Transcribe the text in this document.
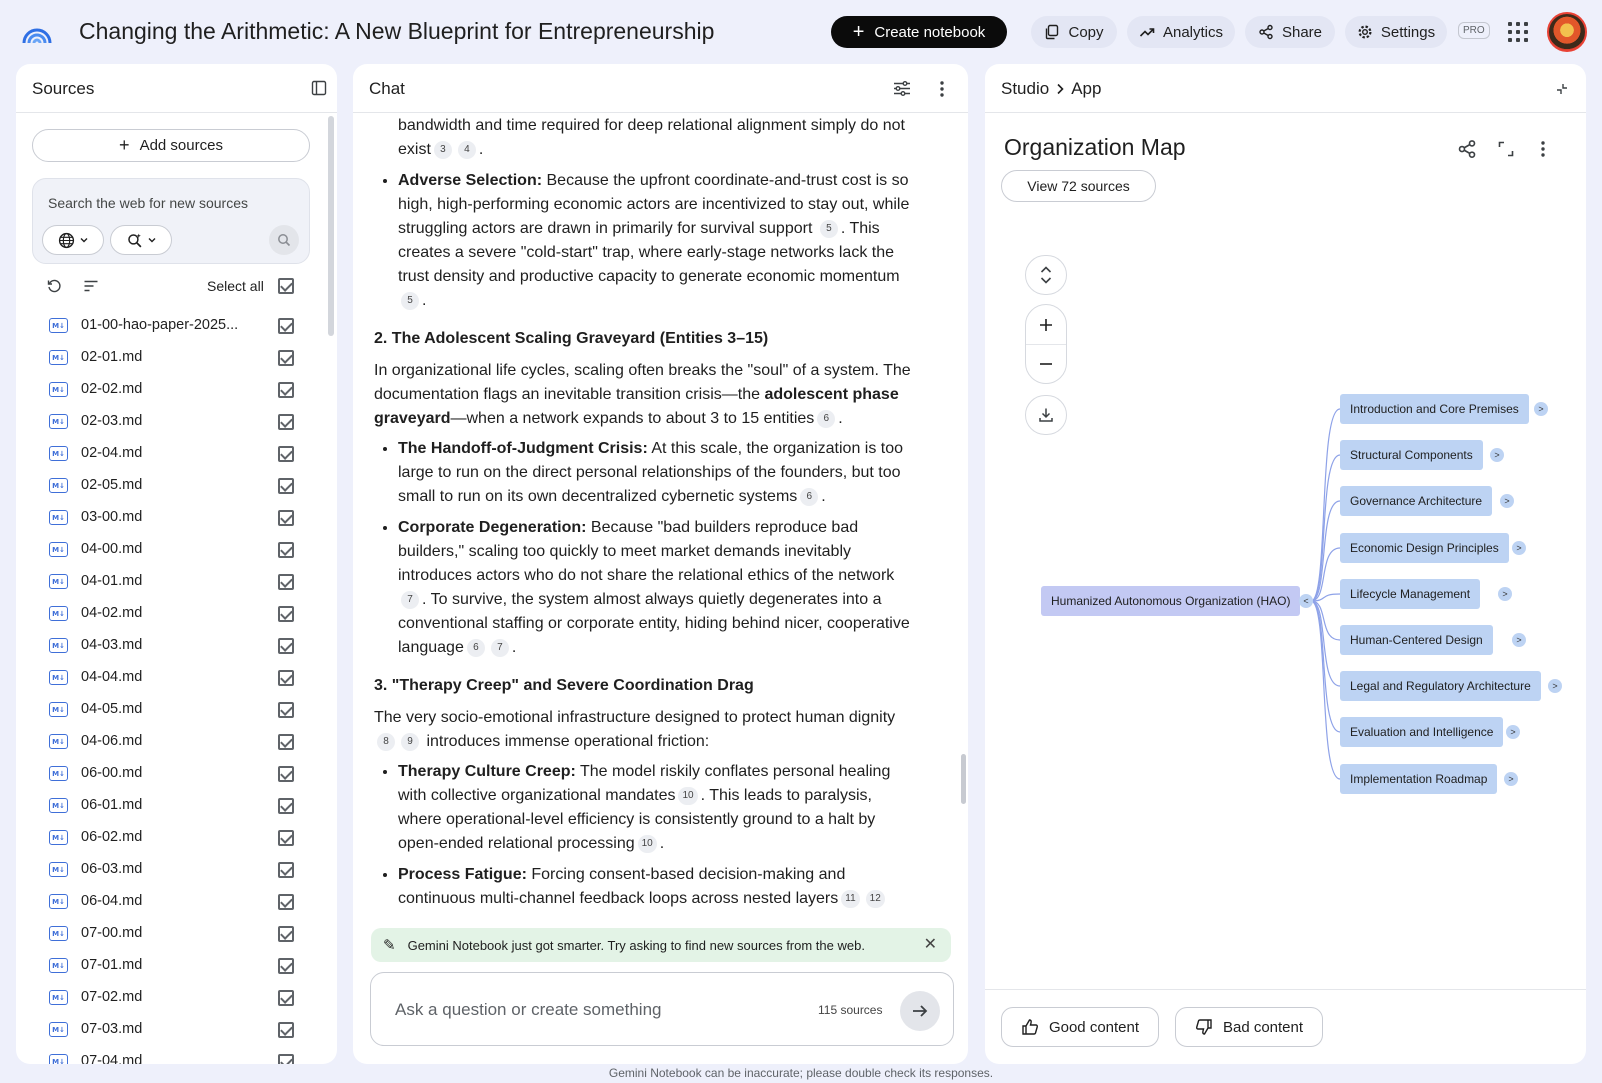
Changing the Arithmetic: A New Blueprint for Entrepreneurship	+ Create notebook	Copy	Analytics	Share	Settings	PRO
Sources
+ Add sources
Search the web for new sources
Select all
M↓ 01-00-hao-paper-2025...
M↓ 02-01.md
M↓ 02-02.md
M↓ 02-03.md
M↓ 02-04.md
M↓ 02-05.md
M↓ 03-00.md
M↓ 04-00.md
M↓ 04-01.md
M↓ 04-02.md
M↓ 04-03.md
M↓ 04-04.md
M↓ 04-05.md
M↓ 04-06.md
M↓ 06-00.md
M↓ 06-01.md
M↓ 06-02.md
M↓ 06-03.md
M↓ 06-04.md
M↓ 07-00.md
M↓ 07-01.md
M↓ 07-02.md
M↓ 07-03.md
M↓ 07-04.md
Chat
bandwidth and time required for deep relational alignment simply do not exist 3 4 .
• Adverse Selection: Because the upfront coordinate-and-trust cost is so high, high-performing economic actors are incentivized to stay out, while struggling actors are drawn in primarily for survival support 5 . This creates a severe "cold-start" trap, where early-stage networks lack the trust density and productive capacity to generate economic momentum5 .
2. The Adolescent Scaling Graveyard (Entities 3–15)

In organizational life cycles, scaling often breaks the "soul" of a system. The documentation flags an inevitable transition crisis—the adolescent phase graveyard—when a network expands to about 3 to 15 entities 6 .

• The Handoff-of-Judgment Crisis: At this scale, the organization is too large to run on the direct personal relationships of the founders, but too small to run on its own decentralized cybernetic systems 6 .
• Corporate Degeneration: Because "bad builders reproduce bad builders," scaling too quickly to meet market demands inevitably introduces actors who do not share the relational ethics of the network7 . To survive, the system almost always quietly degenerates into a conventional staffing or corporate entity, hiding behind nicer, cooperative language 6 7 .
3. "Therapy Creep" and Severe Coordination Drag

The very socio-emotional infrastructure designed to protect human dignity8 9 introduces immense operational friction:

• Therapy Culture Creep: The model riskily conflates personal healing with collective organizational mandates 10 . This leads to paralysis, where operational-level efficiency is consistently ground to a halt by open-ended relational processing 10 .
• Process Fatigue: Forcing consent-based decision-making and continuous multi-channel feedback loops across nested layers 11 12
✎ Gemini Notebook just got smarter. Try asking to find new sources from the web.	✕
Ask a question or create something	115 sources
Studio App
Organization Map
View 72 sources
Humanized Autonomous Organization (HAO)	<
Introduction and Core Premises	>
Structural Components	>
Governance Architecture	>
Economic Design Principles	>
Lifecycle Management	>
Human-Centered Design	>
Legal and Regulatory Architecture	>
Evaluation and Intelligence	>
Implementation Roadmap	>
Good content	Bad content
Gemini Notebook can be inaccurate; please double check its responses.
